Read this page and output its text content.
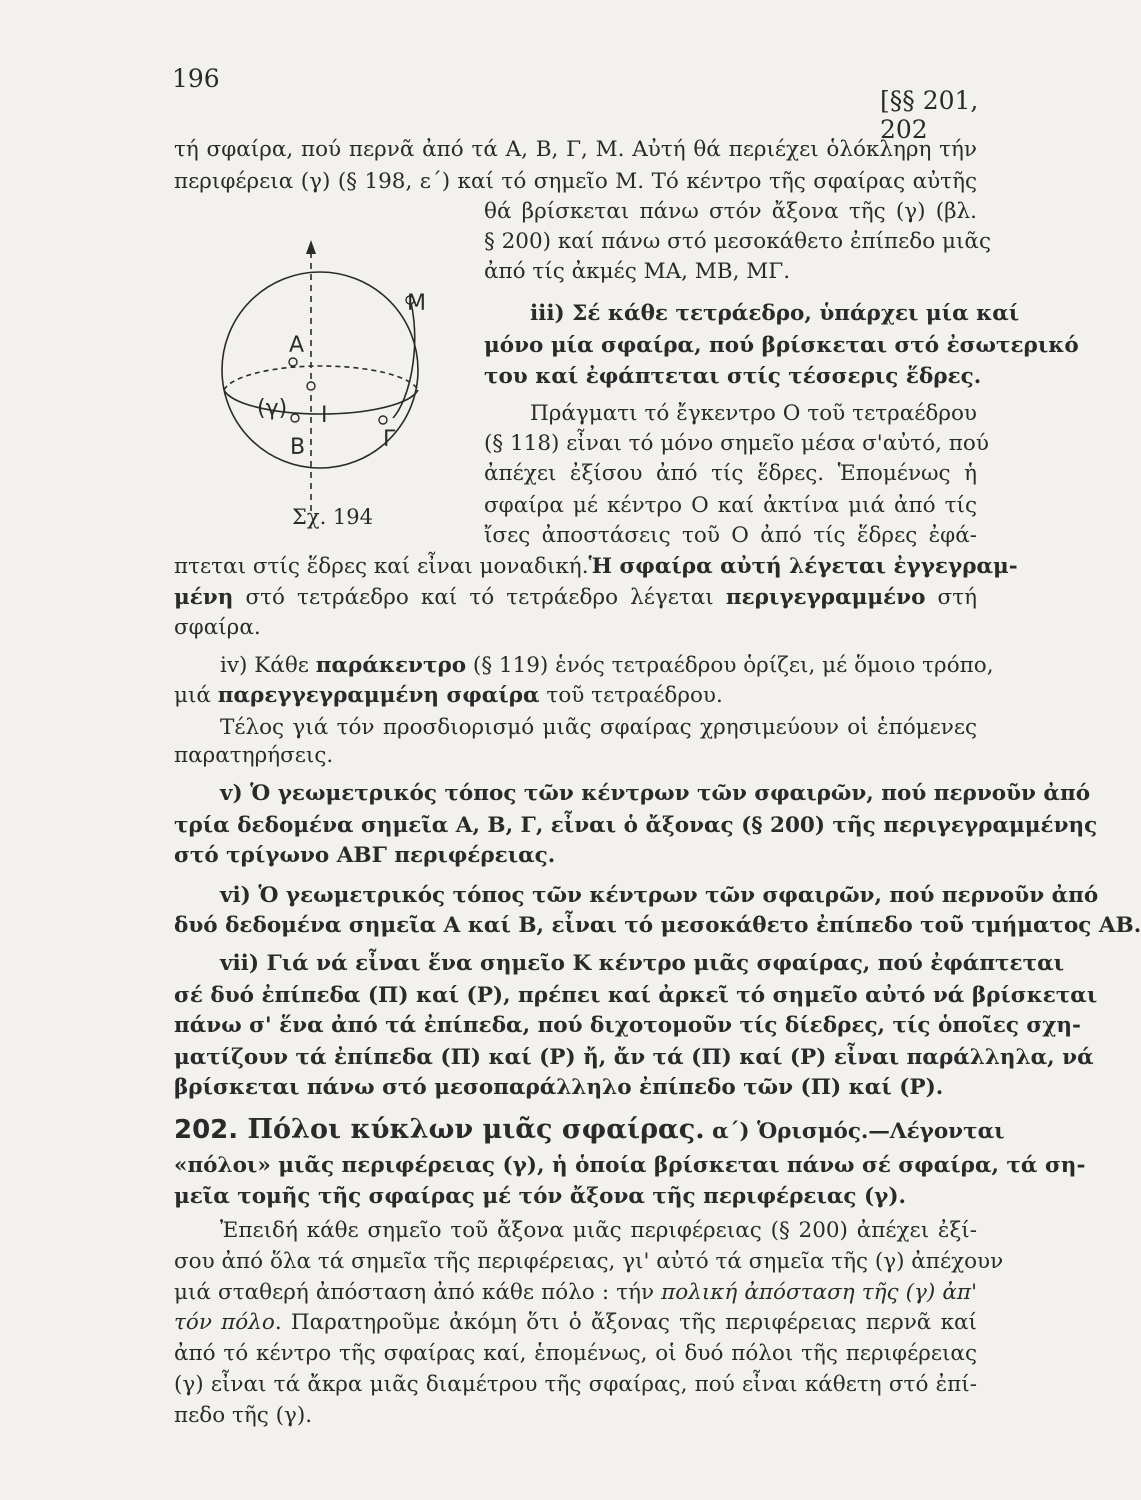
196
[§§ 201, 202
Μ
Α
(γ) I
Β	Γ
Σχ. 194
τή σφαίρα, πού περνᾶ ἀπό τά Α, Β, Γ, Μ. Αὐτή θά περιέχει ὁλόκληρη τήν
περιφέρεια (γ) (§ 198, ε΄) καί τό σημεῖο Μ. Τό κέντρο τῆς σφαίρας αὐτῆς
θά βρίσκεται πάνω στόν ἄξονα τῆς (γ) (βλ.
§ 200) καί πάνω στό μεσοκάθετο ἐπίπεδο μιᾶς
ἀπό τίς ἀκμές ΜΑ, ΜΒ, ΜΓ.
iii) Σέ κάθε τετράεδρο, ὑπάρχει μία καί
μόνο μία σφαίρα, πού βρίσκεται στό ἐσωτερικό
του καί ἐφάπτεται στίς τέσσερις ἕδρες.
Πράγματι τό ἔγκεντρο Ο τοῦ τετραέδρου
(§ 118) εἶναι τό μόνο σημεῖο μέσα σ'αὐτό, πού
ἀπέχει ἐξίσου ἀπό τίς ἕδρες. Ἑπομένως ἡ
σφαίρα μέ κέντρο Ο καί ἀκτίνα μιά ἀπό τίς
ἴσες ἀποστάσεις τοῦ Ο ἀπό τίς ἕδρες ἐφά-
πτεται στίς ἕδρες καί εἶναι μοναδική.Ἡ σφαίρα αὐτή λέγεται ἐγγεγραμ-
μένη στό τετράεδρο καί τό τετράεδρο λέγεται περιγεγραμμένο στή
σφαίρα.
iv) Κάθε παράκεντρο (§ 119) ἑνός τετραέδρου ὁρίζει, μέ ὅμοιο τρόπο,
μιά παρεγγεγραμμένη σφαίρα τοῦ τετραέδρου.
Τέλος γιά τόν προσδιορισμό μιᾶς σφαίρας χρησιμεύουν οἱ ἑπόμενες
παρατηρήσεις.
v) Ὁ γεωμετρικός τόπος τῶν κέντρων τῶν σφαιρῶν, πού περνοῦν ἀπό
τρία δεδομένα σημεῖα Α, Β, Γ, εἶναι ὁ ἄξονας (§ 200) τῆς περιγεγραμμένης
στό τρίγωνο ΑΒΓ περιφέρειας.
vi) Ὁ γεωμετρικός τόπος τῶν κέντρων τῶν σφαιρῶν, πού περνοῦν ἀπό
δυό δεδομένα σημεῖα Α καί Β, εἶναι τό μεσοκάθετο ἐπίπεδο τοῦ τμήματος ΑΒ.
vii) Γιά νά εἶναι ἕνα σημεῖο Κ κέντρο μιᾶς σφαίρας, πού ἐφάπτεται
σέ δυό ἐπίπεδα (Π) καί (Ρ), πρέπει καί ἀρκεῖ τό σημεῖο αὐτό νά βρίσκεται
πάνω σ' ἕνα ἀπό τά ἐπίπεδα, πού διχοτομοῦν τίς δίεδρες, τίς ὁποῖες σχη-
ματίζουν τά ἐπίπεδα (Π) καί (Ρ) ἤ, ἄν τά (Π) καί (Ρ) εἶναι παράλληλα, νά
βρίσκεται πάνω στό μεσοπαράλληλο ἐπίπεδο τῶν (Π) καί (Ρ).
202. Πόλοι κύκλων μιᾶς σφαίρας. α΄) Ὁρισμός.—Λέγονται
«πόλοι» μιᾶς περιφέρειας (γ), ἡ ὁποία βρίσκεται πάνω σέ σφαίρα, τά ση-
μεῖα τομῆς τῆς σφαίρας μέ τόν ἄξονα τῆς περιφέρειας (γ).
Ἐπειδή κάθε σημεῖο τοῦ ἄξονα μιᾶς περιφέρειας (§ 200) ἀπέχει ἐξί-
σου ἀπό ὅλα τά σημεῖα τῆς περιφέρειας, γι' αὐτό τά σημεῖα τῆς (γ) ἀπέχουν
μιά σταθερή ἀπόσταση ἀπό κάθε πόλο : τήν πολική ἀπόσταση τῆς (γ) ἀπ'
τόν πόλο. Παρατηροῦμε ἀκόμη ὅτι ὁ ἄξονας τῆς περιφέρειας περνᾶ καί
ἀπό τό κέντρο τῆς σφαίρας καί, ἑπομένως, οἱ δυό πόλοι τῆς περιφέρειας
(γ) εἶναι τά ἄκρα μιᾶς διαμέτρου τῆς σφαίρας, πού εἶναι κάθετη στό ἐπί-
πεδο τῆς (γ).
